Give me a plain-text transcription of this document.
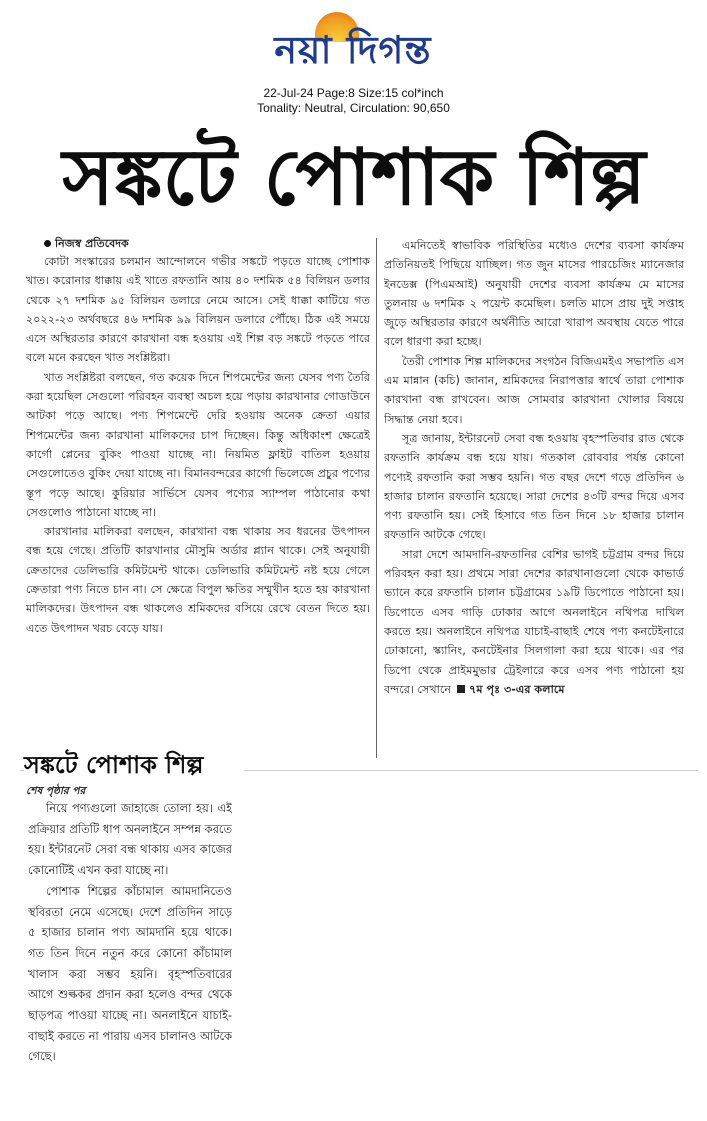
নয়া দিগন্ত
22-Jul-24 Page:8 Size:15 col*inch
Tonality: Neutral, Circulation: 90,650
সঙ্কটে পোশাক শিল্প

নিজস্ব প্রতিবেদক

কোটা সংস্কারের চলমান আন্দোলনে গভীর সঙ্কটে পড়তে যাচ্ছে পোশাক খাত। করোনার ধাক্কায় এই খাতে রফতানি আয় ৪০ দশমিক ৫৪ বিলিয়ন ডলার থেকে ২৭ দশমিক ৯৫ বিলিয়ন ডলারে নেমে আসে। সেই ধাক্কা কাটিয়ে গত ২০২২-২৩ অর্থবছরে ৪৬ দশমিক ৯৯ বিলিয়ন ডলারে পৌঁছে। ঠিক এই সময়ে এসে অস্থিরতার কারণে কারখানা বন্ধ হওয়ায় এই শিল্প বড় সঙ্কটে পড়তে পারে বলে মনে করছেন খাত সংশ্লিষ্টরা।

খাত সংশ্লিষ্টরা বলছেন, গত কয়েক দিনে শিপমেন্টের জন্য যেসব পণ্য তৈরি করা হয়েছিল সেগুলো পরিবহন ব্যবস্থা অচল হয়ে পড়ায় কারখানার গোডাউনে আটকা পড়ে আছে। পণ্য শিপমেন্টে দেরি হওয়ায় অনেক ক্রেতা এয়ার শিপমেন্টের জন্য কারখানা মালিকদের চাপ দিচ্ছেন। কিন্তু অধিকাংশ ক্ষেত্রেই কার্গো প্লেনের বুকিং পাওয়া যাচ্ছে না। নিয়মিত ফ্লাইট বাতিল হওয়ায় সেগুলোতেও বুকিং দেয়া যাচ্ছে না। বিমানবন্দরের কার্গো ভিলেজে প্রচুর পণ্যের স্তূপ পড়ে আছে। কুরিয়ার সার্ভিসে যেসব পণ্যের স্যাম্পল পাঠানোর কথা সেগুলোও পাঠানো যাচ্ছে না।

কারখানার মালিকরা বলছেন, কারখানা বন্ধ থাকায় সব ধরনের উৎপাদন বন্ধ হয়ে গেছে। প্রতিটি কারখানার মৌসুমি অর্ডার প্ল্যান থাকে। সেই অনুযায়ী ক্রেতাদের ডেলিভারি কমিটমেন্ট থাকে। ডেলিভারি কমিটমেন্ট নষ্ট হয়ে গেলে ক্রেতারা পণ্য নিতে চান না। সে ক্ষেত্রে বিপুল ক্ষতির সম্মুখীন হতে হয় কারখানা মালিকদের। উৎপাদন বন্ধ থাকলেও শ্রমিকদের বসিয়ে রেখে বেতন দিতে হয়। এতে উৎপাদন খরচ বেড়ে যায়।

এমনিতেই স্বাভাবিক পরিস্থিতির মধ্যেও দেশের ব্যবসা কার্যক্রম প্রতিনিয়তই পিছিয়ে যাচ্ছিল। গত জুন মাসের পারচেজিং ম্যানেজার ইনডেক্স (পিএমআই) অনুযায়ী দেশের ব্যবসা কার্যক্রম মে মাসের তুলনায় ৬ দশমিক ২ পয়েন্ট কমেছিল। চলতি মাসে প্রায় দুই সপ্তাহ জুড়ে অস্থিরতার কারণে অর্থনীতি আরো খারাপ অবস্থায় যেতে পারে বলে ধারণা করা হচ্ছে।

তৈরী পোশাক শিল্প মালিকদের সংগঠন বিজিএমইএ সভাপতি এস এম মান্নান (কচি) জানান, শ্রমিকদের নিরাপত্তার স্বার্থে তারা পোশাক কারখানা বন্ধ রাখবেন। আজ সোমবার কারখানা খোলার বিষয়ে সিদ্ধান্ত নেয়া হবে।

সূত্র জানায়, ইন্টারনেট সেবা বন্ধ হওয়ায় বৃহস্পতিবার রাত থেকে রফতানি কার্যক্রম বন্ধ হয়ে যায়। গতকাল রোববার পর্যন্ত কোনো পণ্যেই রফতানি করা সম্ভব হয়নি। গত বছর দেশে গড়ে প্রতিদিন ৬ হাজার চালান রফতানি হয়েছে। সারা দেশের ৪৩টি বন্দর দিয়ে এসব পণ্য রফতানি হয়। সেই হিসাবে গত তিন দিনে ১৮ হাজার চালান রফতানি আটকে গেছে।

সারা দেশে আমদানি-রফতানির বেশির ভাগই চট্টগ্রাম বন্দর দিয়ে পরিবহন করা হয়। প্রথমে সারা দেশের কারখানাগুলো থেকে কাভার্ড ভ্যানে করে রফতানি চালান চট্টগ্রামের ১৯টি ডিপোতে পাঠানো হয়। ডিপোতে এসব গাড়ি ঢোকার আগে অনলাইনে নথিপত্র দাখিল করতে হয়। অনলাইনে নথিপত্র যাচাই-বাছাই শেষে পণ্য কনটেইনারে ঢোকানো, স্ক্যানিং, কনটেইনার সিলগালা করা হয়ে থাকে। এর পর ডিপো থেকে প্রাইমমুভার ট্রেইলারে করে এসব পণ্য পাঠানো হয় বন্দরে। সেখানে ৭ম পৃঃ ৩-এর কলামে

সঙ্কটে পোশাক শিল্প
শেষ পৃষ্ঠার পর

নিয়ে পণ্যগুলো জাহাজে তোলা হয়। এই প্রক্রিয়ার প্রতিটি ধাপ অনলাইনে সম্পন্ন করতে হয়। ইন্টারনেট সেবা বন্ধ থাকায় এসব কাজের কোনোটিই এখন করা যাচ্ছে না।

পোশাক শিল্পের কাঁচামাল আমদানিতেও স্থবিরতা নেমে এসেছে। দেশে প্রতিদিন সাড়ে ৫ হাজার চালান পণ্য আমদানি হয়ে থাকে। গত তিন দিনে নতুন করে কোনো কাঁচামাল খালাস করা সম্ভব হয়নি। বৃহস্পতিবারের আগে শুল্ককর প্রদান করা হলেও বন্দর থেকে ছাড়পত্র পাওয়া যাচ্ছে না। অনলাইনে যাচাই-বাছাই করতে না পারায় এসব চালানও আটকে গেছে।
